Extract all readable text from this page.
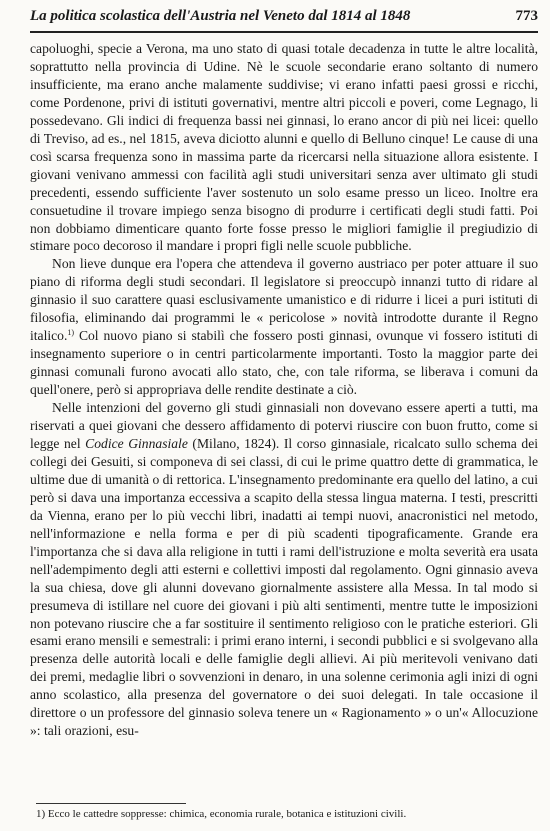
La politica scolastica dell'Austria nel Veneto dal 1814 al 1848	773

capoluoghi, specie a Verona, ma uno stato di quasi totale decadenza in tutte le altre località, soprattutto nella provincia di Udine. Nè le scuole secondarie erano soltanto di numero insufficiente, ma erano anche malamente suddivise; vi erano infatti paesi grossi e ricchi, come Pordenone, privi di istituti governativi, mentre altri piccoli e poveri, come Legnago, li possedevano. Gli indici di frequenza bassi nei ginnasi, lo erano ancor di più nei licei: quello di Treviso, ad es., nel 1815, aveva diciotto alunni e quello di Belluno cinque! Le cause di una così scarsa frequenza sono in massima parte da ricercarsi nella situazione allora esistente. I giovani venivano ammessi con facilità agli studi universitari senza aver ultimato gli studi precedenti, essendo sufficiente l'aver sostenuto un solo esame presso un liceo. Inoltre era consuetudine il trovare impiego senza bisogno di produrre i certificati degli studi fatti. Poi non dobbiamo dimenticare quanto forte fosse presso le migliori famiglie il pregiudizio di stimare poco decoroso il mandare i propri figli nelle scuole pubbliche.

Non lieve dunque era l'opera che attendeva il governo austriaco per poter attuare il suo piano di riforma degli studi secondari. Il legislatore si preoccupò innanzi tutto di ridare al ginnasio il suo carattere quasi esclusivamente umanistico e di ridurre i licei a puri istituti di filosofia, eliminando dai programmi le « pericolose » novità introdotte durante il Regno italico.$^{1)}$ Col nuovo piano si stabilì che fossero posti ginnasi, ovunque vi fossero istituti di insegnamento superiore o in centri particolarmente importanti. Tosto la maggior parte dei ginnasi comunali furono avocati allo stato, che, con tale riforma, se liberava i comuni da quell'onere, però si appropriava delle rendite destinate a ciò.

Nelle intenzioni del governo gli studi ginnasiali non dovevano essere aperti a tutti, ma riservati a quei giovani che dessero affidamento di potervi riuscire con buon frutto, come si legge nel Codice Ginnasiale (Milano, 1824). Il corso ginnasiale, ricalcato sullo schema dei collegi dei Gesuiti, si componeva di sei classi, di cui le prime quattro dette di grammatica, le ultime due di umanità o di rettorica. L'insegnamento predominante era quello del latino, a cui però si dava una importanza eccessiva a scapito della stessa lingua materna. I testi, prescritti da Vienna, erano per lo più vecchi libri, inadatti ai tempi nuovi, anacronistici nel metodo, nell'informazione e nella forma e per di più scadenti tipograficamente. Grande era l'importanza che si dava alla religione in tutti i rami dell'istruzione e molta severità era usata nell'adempimento degli atti esterni e collettivi imposti dal regolamento. Ogni ginnasio aveva la sua chiesa, dove gli alunni dovevano giornalmente assistere alla Messa. In tal modo si presumeva di istillare nel cuore dei giovani i più alti sentimenti, mentre tutte le imposizioni non potevano riuscire che a far sostituire il sentimento religioso con le pratiche esteriori. Gli esami erano mensili e semestrali: i primi erano interni, i secondi pubblici e si svolgevano alla presenza delle autorità locali e delle famiglie degli allievi. Ai più meritevoli venivano dati dei premi, medaglie libri o sovvenzioni in denaro, in una solenne cerimonia agli inizi di ogni anno scolastico, alla presenza del governatore o dei suoi delegati. In tale occasione il direttore o un professore del ginnasio soleva tenere un « Ragionamento » o un'« Allocuzione »: tali orazioni, esu-

1) Ecco le cattedre soppresse: chimica, economia rurale, botanica e istituzioni civili.
